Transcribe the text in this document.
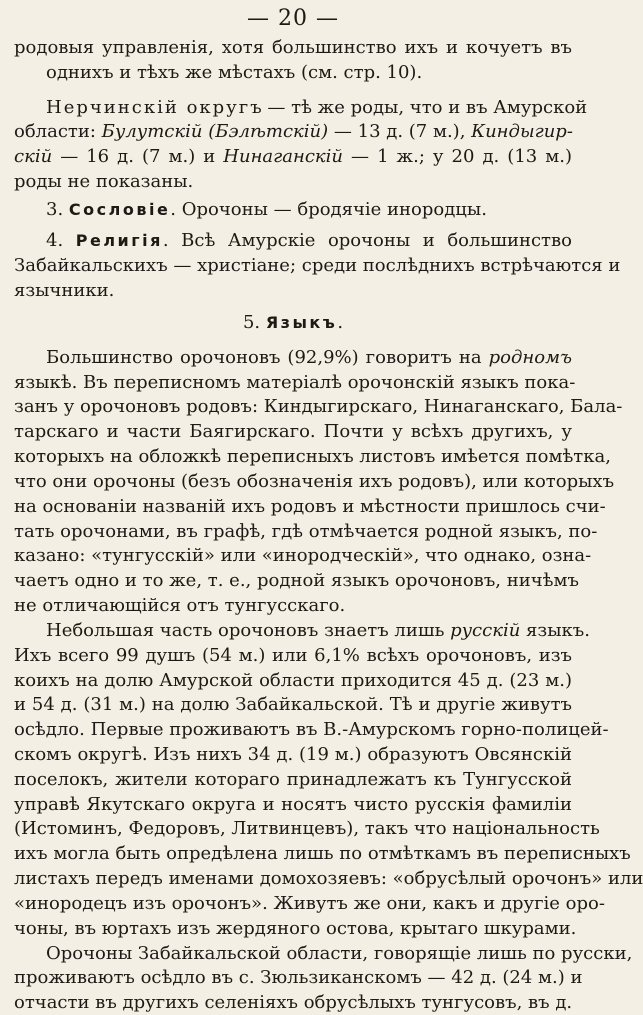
— 20 —
родовыя управленія, хотя большинство ихъ и кочуетъ въ
однихъ и тѣхъ же мѣстахъ (см. стр. 10).
Нерчинскій округъ — тѣ же роды, что и въ Амурской
области: Булутскій (Бэлѣтскій) — 13 д. (7 м.), Киндыгир-
скій — 16 д. (7 м.) и Нинаганскій — 1 ж.; у 20 д. (13 м.)
роды не показаны.
3. Сословіе. Орочоны — бродячіе инородцы.
4. Религія. Всѣ Амурскіе орочоны и большинство
Забайкальскихъ — христіане; среди послѣднихъ встрѣчаются и
язычники.
5. Языкъ.
Большинство орочоновъ (92,9%) говоритъ на родномъ
языкѣ. Въ переписномъ матеріалѣ орочонскій языкъ пока-
занъ у орочоновъ родовъ: Киндыгирскаго, Нинаганскаго, Бала-
тарскаго и части Баягирскаго. Почти у всѣхъ другихъ, у
которыхъ на обложкѣ переписныхъ листовъ имѣется помѣтка,
что они орочоны (безъ обозначенія ихъ родовъ), или которыхъ
на основаніи названій ихъ родовъ и мѣстности пришлось счи-
тать орочонами, въ графѣ, гдѣ отмѣчается родной языкъ, по-
казано: «тунгусскій» или «инородческій», что однако, озна-
чаетъ одно и то же, т. е., родной языкъ орочоновъ, ничѣмъ
не отличающійся отъ тунгусскаго.
Небольшая часть орочоновъ знаетъ лишь русскій языкъ.
Ихъ всего 99 душъ (54 м.) или 6,1% всѣхъ орочоновъ, изъ
коихъ на долю Амурской области приходится 45 д. (23 м.)
и 54 д. (31 м.) на долю Забайкальской. Тѣ и другіе живутъ
осѣдло. Первые проживаютъ въ В.-Амурскомъ горно-полицей-
скомъ округѣ. Изъ нихъ 34 д. (19 м.) образуютъ Овсянскій
поселокъ, жители котораго принадлежатъ къ Тунгусской
управѣ Якутскаго округа и носятъ чисто русскія фамиліи
(Истоминъ, Федоровъ, Литвинцевъ), такъ что національность
ихъ могла быть опредѣлена лишь по отмѣткамъ въ переписныхъ
листахъ передъ именами домохозяевъ: «обрусѣлый орочонъ» или
«инородецъ изъ орочонъ». Живутъ же они, какъ и другіе оро-
чоны, въ юртахъ изъ жердяного остова, крытаго шкурами.
Орочоны Забайкальской области, говорящіе лишь по русски,
проживаютъ осѣдло въ с. Зюльзиканскомъ — 42 д. (24 м.) и
отчасти въ другихъ селеніяхъ обрусѣлыхъ тунгусовъ, въ д.
